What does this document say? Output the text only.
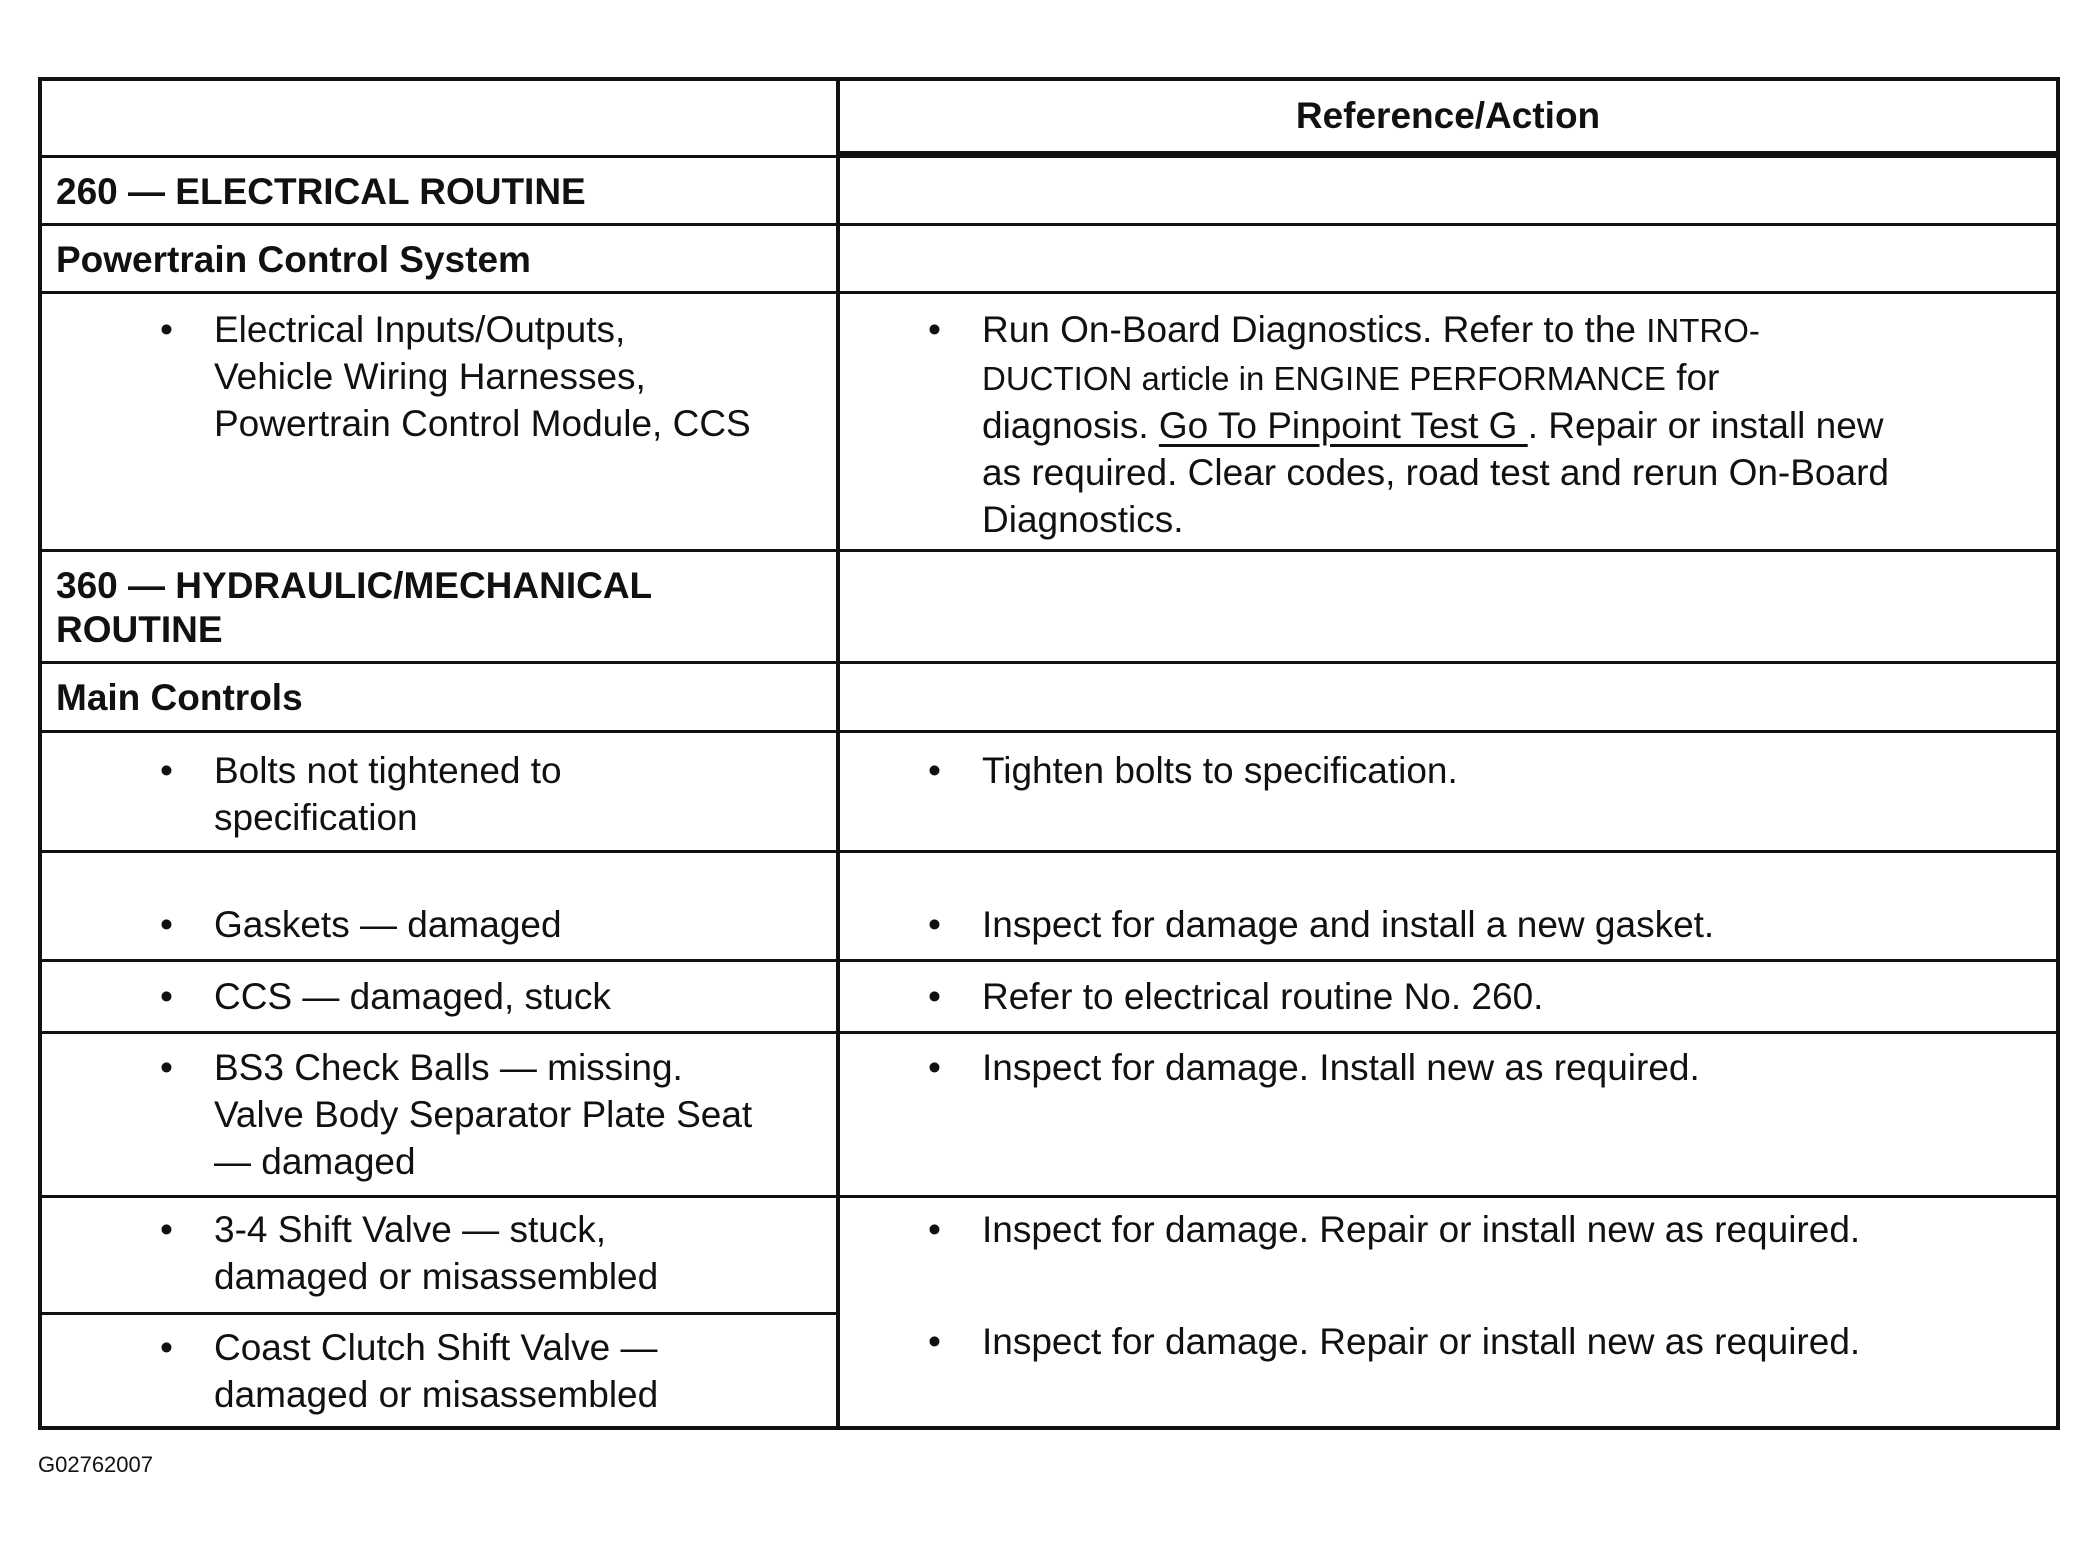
Reference/Action
260 — ELECTRICAL ROUTINE
Powertrain Control System
• Electrical Inputs/Outputs,
Vehicle Wiring Harnesses,
Powertrain Control Module, CCS
• Run On-Board Diagnostics. Refer to the INTRO-
DUCTION article in ENGINE PERFORMANCE for
diagnosis. Go To Pinpoint Test G . Repair or install new
as required. Clear codes, road test and rerun On-Board
Diagnostics.
360 — HYDRAULIC/MECHANICAL
ROUTINE
Main Controls
• Bolts not tightened to
specification
• Tighten bolts to specification.
• Gaskets — damaged	• Inspect for damage and install a new gasket.
• CCS — damaged, stuck	• Refer to electrical routine No. 260.
• BS3 Check Balls — missing.
Valve Body Separator Plate Seat
— damaged
• Inspect for damage. Install new as required.
• 3-4 Shift Valve — stuck,
damaged or misassembled
• Inspect for damage. Repair or install new as required.
• Coast Clutch Shift Valve —
damaged or misassembled
• Inspect for damage. Repair or install new as required.
G02762007
